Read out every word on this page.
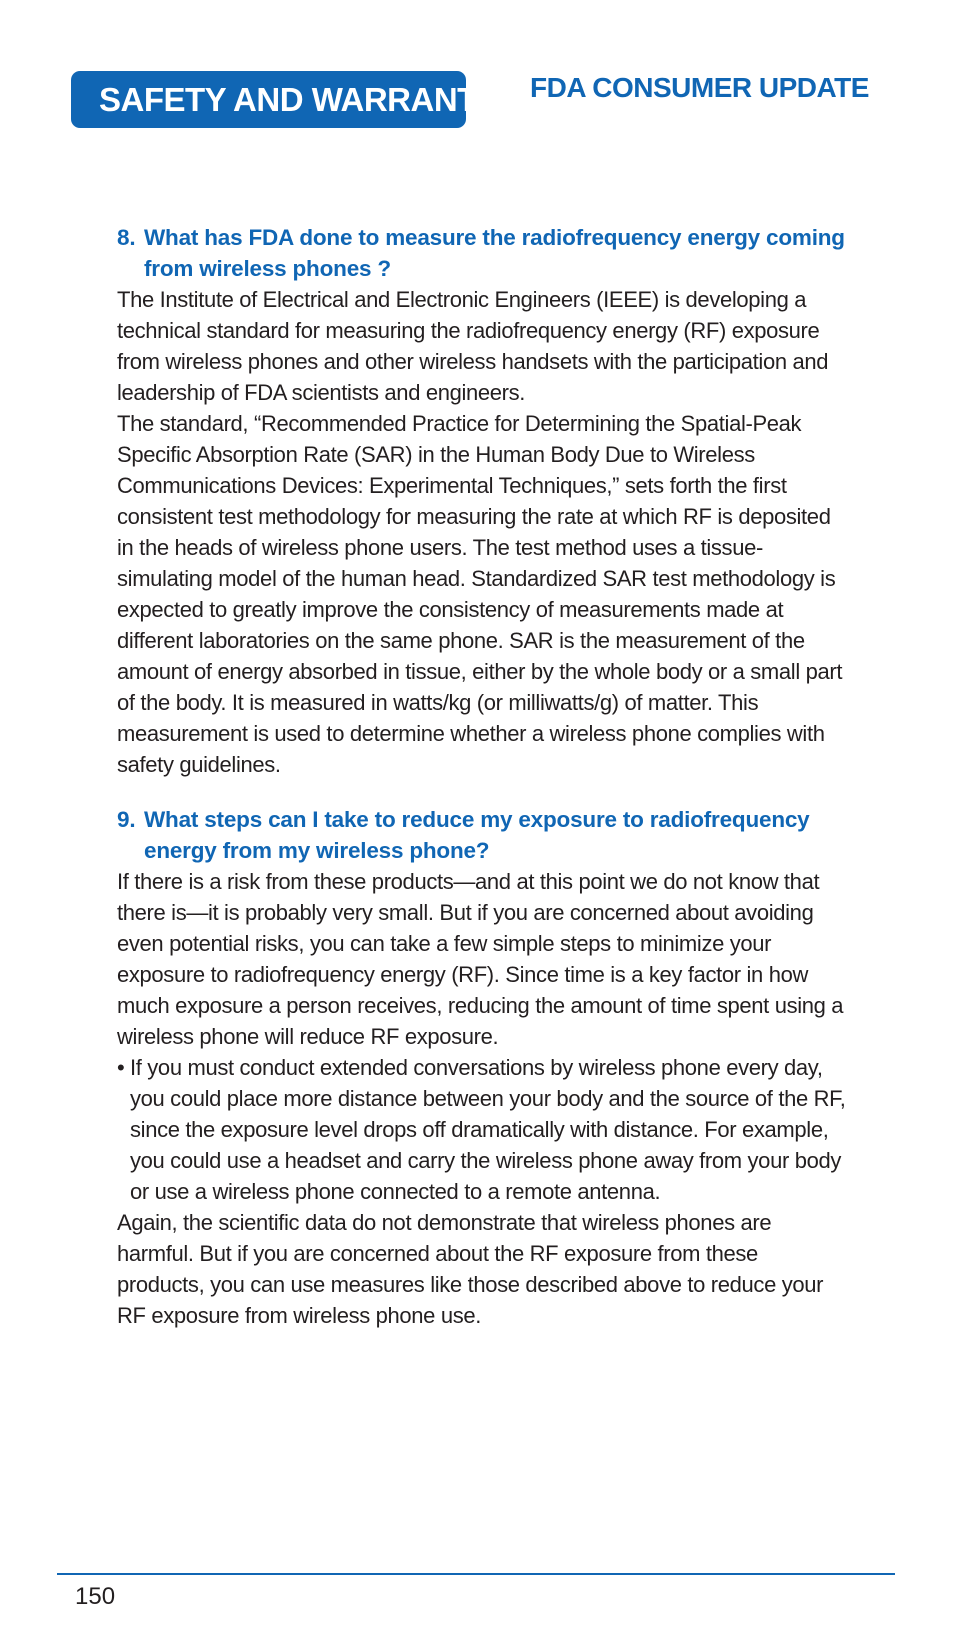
SAFETY AND WARRANTY FDA CONSUMER UPDATE
8. What has FDA done to measure the radiofrequency energy coming from wireless phones ?

The Institute of Electrical and Electronic Engineers (IEEE) is developing a technical standard for measuring the radiofrequency energy (RF) exposure from wireless phones and other wireless handsets with the participation and leadership of FDA scientists and engineers.

The standard, “Recommended Practice for Determining the Spatial-Peak Specific Absorption Rate (SAR) in the Human Body Due to Wireless Communications Devices: Experimental Techniques,” sets forth the first consistent test methodology for measuring the rate at which RF is deposited in the heads of wireless phone users. The test method uses a tissue-simulating model of the human head. Standardized SAR test methodology is expected to greatly improve the consistency of measurements made at different laboratories on the same phone. SAR is the measurement of the amount of energy absorbed in tissue, either by the whole body or a small part of the body. It is measured in watts/kg (or milliwatts/g) of matter. This measurement is used to determine whether a wireless phone complies with safety guidelines.

9. What steps can I take to reduce my exposure to radiofrequency energy from my wireless phone?

If there is a risk from these products—and at this point we do not know that there is—it is probably very small. But if you are concerned about avoiding even potential risks, you can take a few simple steps to minimize your exposure to radiofrequency energy (RF). Since time is a key factor in how much exposure a person receives, reducing the amount of time spent using a wireless phone will reduce RF exposure.

• If you must conduct extended conversations by wireless phone every day, you could place more distance between your body and the source of the RF, since the exposure level drops off dramatically with distance. For example, you could use a headset and carry the wireless phone away from your body or use a wireless phone connected to a remote antenna.

Again, the scientific data do not demonstrate that wireless phones are harmful. But if you are concerned about the RF exposure from these products, you can use measures like those described above to reduce your RF exposure from wireless phone use.

150
